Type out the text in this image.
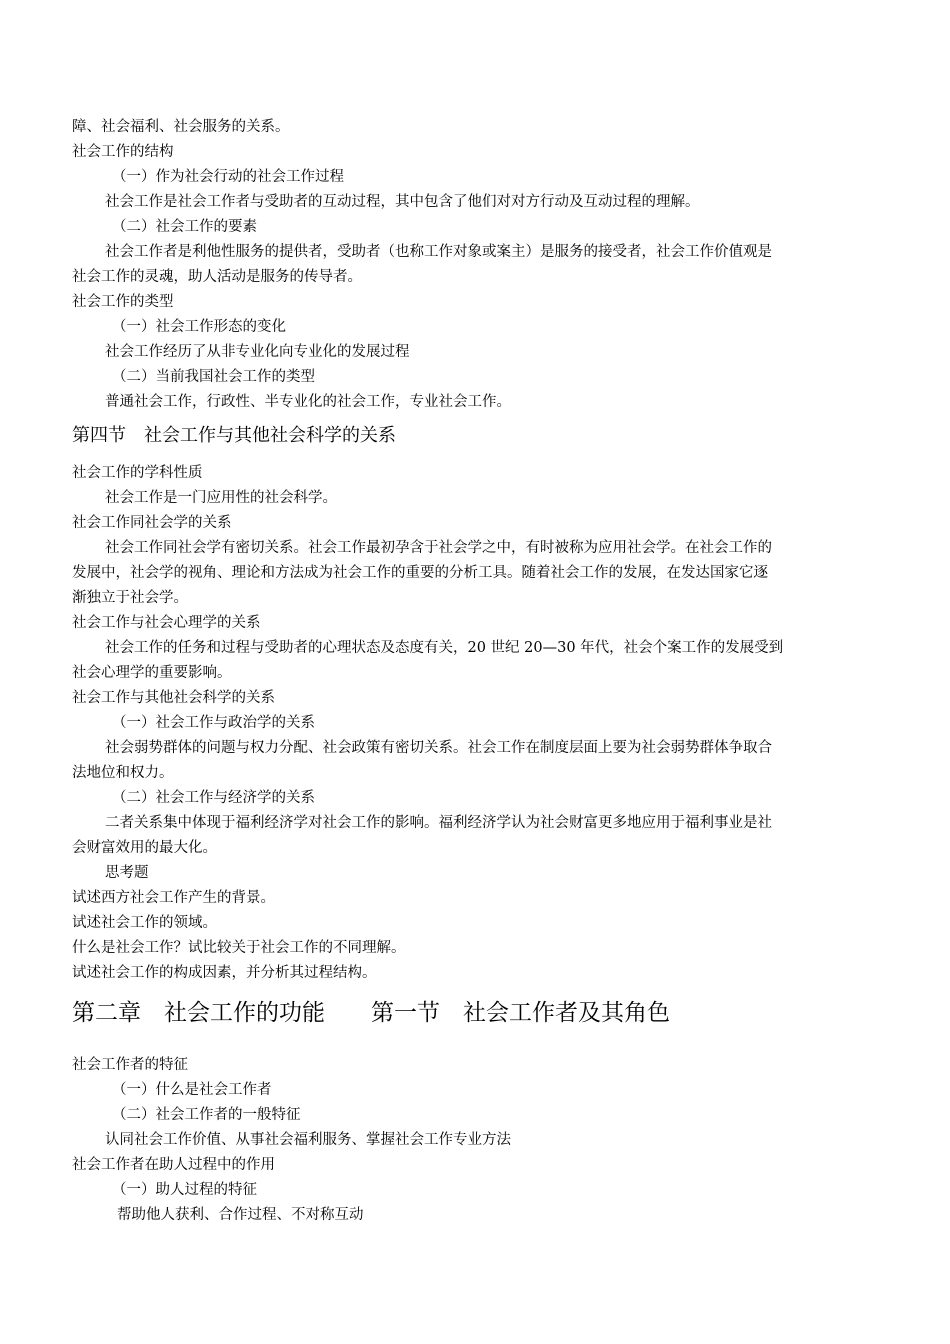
障、社会福利、社会服务的关系。
社会工作的结构
（一）作为社会行动的社会工作过程
社会工作是社会工作者与受助者的互动过程，其中包含了他们对对方行动及互动过程的理解。
（二）社会工作的要素
社会工作者是利他性服务的提供者，受助者（也称工作对象或案主）是服务的接受者，社会工作价值观是
社会工作的灵魂，助人活动是服务的传导者。
社会工作的类型
（一）社会工作形态的变化
社会工作经历了从非专业化向专业化的发展过程
（二）当前我国社会工作的类型
普通社会工作，行政性、半专业化的社会工作，专业社会工作。
第四节　社会工作与其他社会科学的关系
社会工作的学科性质
社会工作是一门应用性的社会科学。
社会工作同社会学的关系
社会工作同社会学有密切关系。社会工作最初孕含于社会学之中，有时被称为应用社会学。在社会工作的
发展中，社会学的视角、理论和方法成为社会工作的重要的分析工具。随着社会工作的发展，在发达国家它逐
渐独立于社会学。
社会工作与社会心理学的关系
社会工作的任务和过程与受助者的心理状态及态度有关，20 世纪 20—30 年代，社会个案工作的发展受到
社会心理学的重要影响。
社会工作与其他社会科学的关系
（一）社会工作与政治学的关系
社会弱势群体的问题与权力分配、社会政策有密切关系。社会工作在制度层面上要为社会弱势群体争取合
法地位和权力。
（二）社会工作与经济学的关系
二者关系集中体现于福利经济学对社会工作的影响。福利经济学认为社会财富更多地应用于福利事业是社
会财富效用的最大化。
思考题
试述西方社会工作产生的背景。
试述社会工作的领域。
什么是社会工作？试比较关于社会工作的不同理解。
试述社会工作的构成因素，并分析其过程结构。
第二章　社会工作的功能　　第一节　社会工作者及其角色
社会工作者的特征
（一）什么是社会工作者
（二）社会工作者的一般特征
认同社会工作价值、从事社会福利服务、掌握社会工作专业方法
社会工作者在助人过程中的作用
（一）助人过程的特征
帮助他人获利、合作过程、不对称互动
